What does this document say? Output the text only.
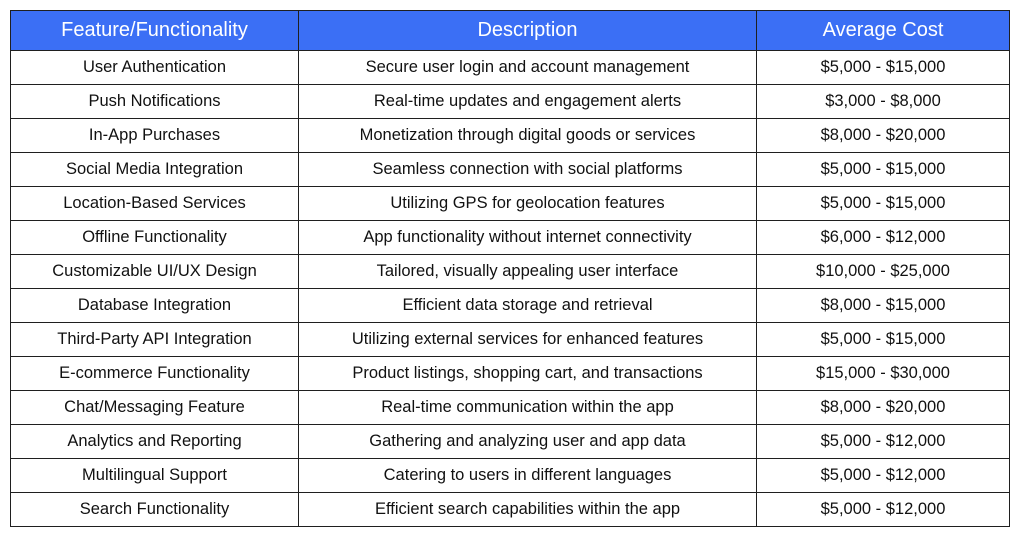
Feature/Functionality	Description	Average Cost
User Authentication	Secure user login and account management	$5,000 - $15,000
Push Notifications	Real-time updates and engagement alerts	$3,000 - $8,000
In-App Purchases	Monetization through digital goods or services	$8,000 - $20,000
Social Media Integration	Seamless connection with social platforms	$5,000 - $15,000
Location-Based Services	Utilizing GPS for geolocation features	$5,000 - $15,000
Offline Functionality	App functionality without internet connectivity	$6,000 - $12,000
Customizable UI/UX Design	Tailored, visually appealing user interface	$10,000 - $25,000
Database Integration	Efficient data storage and retrieval	$8,000 - $15,000
Third-Party API Integration	Utilizing external services for enhanced features	$5,000 - $15,000
E-commerce Functionality	Product listings, shopping cart, and transactions	$15,000 - $30,000
Chat/Messaging Feature	Real-time communication within the app	$8,000 - $20,000
Analytics and Reporting	Gathering and analyzing user and app data	$5,000 - $12,000
Multilingual Support	Catering to users in different languages	$5,000 - $12,000
Search Functionality	Efficient search capabilities within the app	$5,000 - $12,000
